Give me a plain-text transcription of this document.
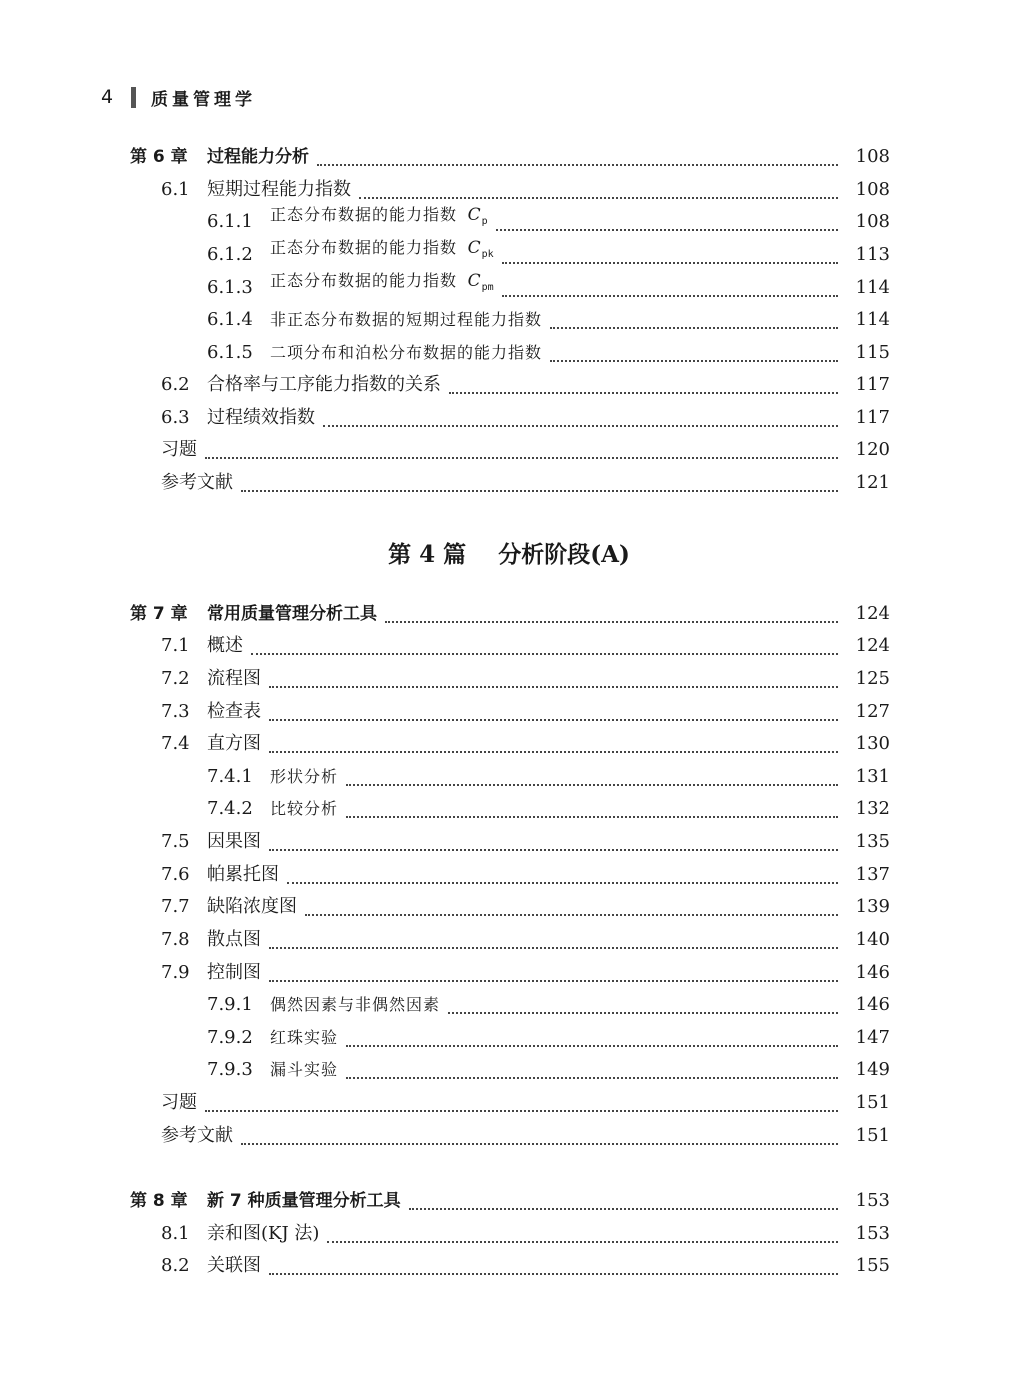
4	质量管理学
第 6 章	过程能力分析	108
6.1 短期过程能力指数	108
6.1.1	正态分布数据的能力指数 $C_p$	108
6.1.2	正态分布数据的能力指数 $C_{pk}$	113
6.1.3	正态分布数据的能力指数 $C_{pm}$	114
6.1.4	非正态分布数据的短期过程能力指数	114
6.1.5	二项分布和泊松分布数据的能力指数	115
6.2 合格率与工序能力指数的关系	117
6.3 过程绩效指数	117
习题	120
参考文献	121
第 7 章	常用质量管理分析工具	124
7.1 概述	124
7.2 流程图	125
7.3 检查表	127
7.4 直方图	130
7.4.1	形状分析	131
7.4.2	比较分析	132
7.5 因果图	135
7.6 帕累托图	137
7.7 缺陷浓度图	139
7.8 散点图	140
7.9 控制图	146
7.9.1	偶然因素与非偶然因素	146
7.9.2	红珠实验	147
7.9.3	漏斗实验	149
习题	151
参考文献	151
第 8 章	新 7 种质量管理分析工具	153
8.1 亲和图(KJ 法)	153
8.2 关联图	155
第 4 篇 分析阶段(A)
